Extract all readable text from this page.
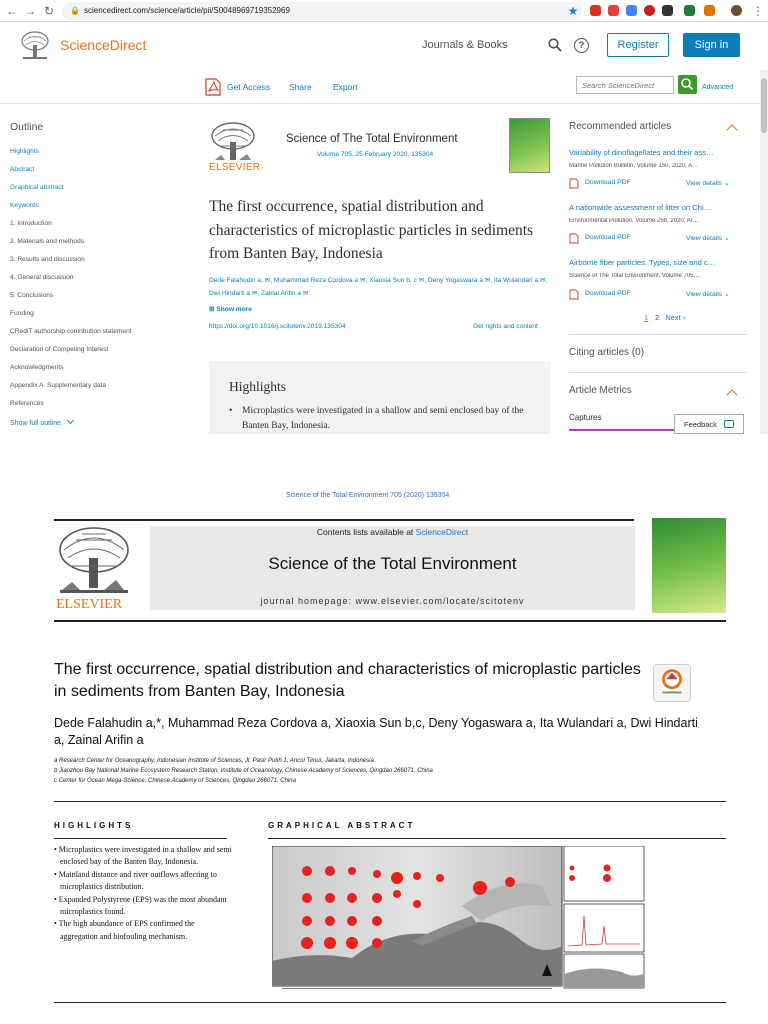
← → ↻	🔒 sciencedirect.com/science/article/pii/S0048969719352969	★	⋮
ScienceDirect	Journals & Books	?	Register	Sign in
Get Access Share	Export
Search ScienceDirect	Advanced
Outline
Highlights
Abstract
Graphical abstract
Keywords
1. Introduction
2. Materials and methods
3. Results and discussion
4. General discussion
5. Conclusions
Funding
CRediT authorship contribution statement
Declaration of Competing Interest
Acknowledgments
Appendix A. Supplementary data
References
Show full outline
ELSEVIER
Science of The Total Environment
Volume 705, 25 February 2020, 135304
The first occurrence, spatial distribution and characteristics of microplastic particles in sediments from Banten Bay, Indonesia
Dede Falahudin a, ✉, Muhammad Reza Cordova a ✉, Xiaoxia Sun b, c ✉, Deny Yogaswara a ✉, Ita Wulandari a ✉, Dwi Hindarti a ✉, Zainal Arifin a ✉
⊞ Show more
https://doi.org/10.1016/j.scitotenv.2019.135304	Get rights and content
Highlights
• Microplastics were investigated in a shallow and semi enclosed bay of the Banten Bay, Indonesia.
Recommended articles
Variability of dinoflagellates and their ass…
Marine Pollution Bulletin, Volume 150, 2020, A…
Download PDF	View details ⌄
A nationwide assessment of litter on Chi…
Environmental Pollution, Volume 258, 2020, Ar…
Download PDF	View details ⌄
Airborne fiber particles: Types, size and c…
Science of The Total Environment, Volume 705,…
Download PDF	View details ⌄
1 2 Next ›
Citing articles (0)
Article Metrics
Captures
Feedback
Science of the Total Environment 705 (2020) 135304
ELSEVIER
Contents lists available at ScienceDirect
Science of the Total Environment
journal homepage: www.elsevier.com/locate/scitotenv
The first occurrence, spatial distribution and characteristics of microplastic particles in sediments from Banten Bay, Indonesia
Dede Falahudin a,*, Muhammad Reza Cordova a, Xiaoxia Sun b,c, Deny Yogaswara a, Ita Wulandari a, Dwi Hindarti a, Zainal Arifin a
a Research Center for Oceanography, Indonesian Institute of Sciences, Jl. Pasir Putih 1, Ancol Timur, Jakarta, Indonesia
b Jiaozhou Bay National Marine Ecosystem Research Station, Institute of Oceanology, Chinese Academy of Sciences, Qingdao 266071, China
c Center for Ocean Mega-Science, Chinese Academy of Sciences, Qingdao 266071, China
HIGHLIGHTS	GRAPHICAL ABSTRACT
• Microplastics were investigated in a shallow and semi enclosed bay of the Banten Bay, Indonesia.
• Mainland distance and river outflows affecting to microplastics distribution.
• Expanded Polystyrene (EPS) was the most abundant microplastics found.
• The high abundance of EPS confirmed the aggregation and biofouling mechanism.
